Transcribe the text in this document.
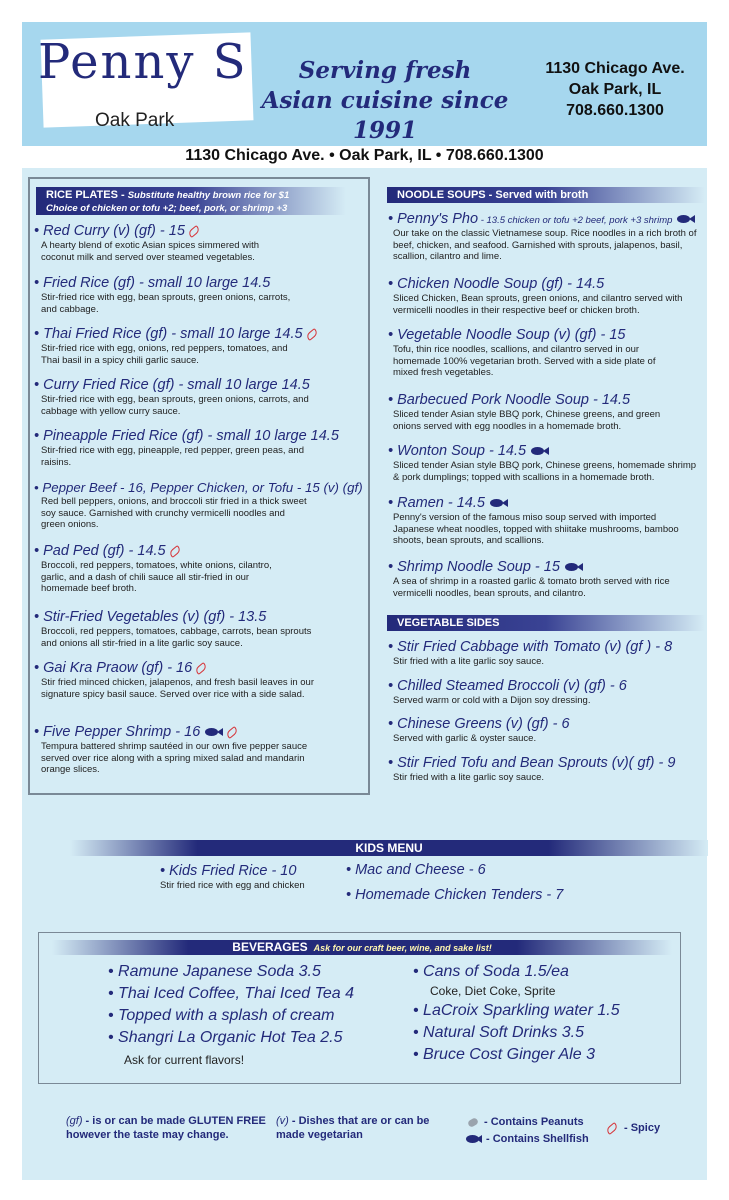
Penny S
Oak Park
Serving fresh
Asian cuisine since 1991
1130 Chicago Ave.
Oak Park, IL
708.660.1300
1130 Chicago Ave. • Oak Park, IL • 708.660.1300
RICE PLATES - Substitute healthy brown rice for $1
Choice of chicken or tofu +2; beef, pork, or shrimp +3
• Red Curry (v) (gf) - 15
A hearty blend of exotic Asian spices simmered with coconut milk and served over steamed vegetables.
• Fried Rice (gf) - small 10 large 14.5
Stir-fried rice with egg, bean sprouts, green onions, carrots, and cabbage.
• Thai Fried Rice (gf) - small 10 large 14.5
Stir-fried rice with egg, onions, red peppers, tomatoes, and Thai basil in a spicy chili garlic sauce.
• Curry Fried Rice (gf) - small 10 large 14.5
Stir-fried rice with egg, bean sprouts, green onions, carrots, and cabbage with yellow curry sauce.
• Pineapple Fried Rice (gf) - small 10 large 14.5
Stir-fried rice with egg, pineapple, red pepper, green peas, and raisins.
• Pepper Beef - 16, Pepper Chicken, or Tofu - 15 (v) (gf)
Red bell peppers, onions, and broccoli stir fried in a thick sweet soy sauce. Garnished with crunchy vermicelli noodles and green onions.
• Pad Ped (gf) - 14.5
Broccoli, red peppers, tomatoes, white onions, cilantro, garlic, and a dash of chili sauce all stir-fried in our homemade beef broth.
• Stir-Fried Vegetables (v) (gf) - 13.5
Broccoli, red peppers, tomatoes, cabbage, carrots, bean sprouts and onions all stir-fried in a lite garlic soy sauce.
• Gai Kra Praow (gf) - 16
Stir fried minced chicken, jalapenos, and fresh basil leaves in our signature spicy basil sauce. Served over rice with a side salad.
• Five Pepper Shrimp - 16
Tempura battered shrimp sautéed in our own five pepper sauce served over rice along with a spring mixed salad and mandarin orange slices.
NOODLE SOUPS - Served with broth
• Penny's Pho - 13.5 chicken or tofu +2 beef, pork +3 shrimp
Our take on the classic Vietnamese soup. Rice noodles in a rich broth of beef, chicken, and seafood. Garnished with sprouts, jalapenos, basil, scallion, cilantro and lime.
• Chicken Noodle Soup (gf) - 14.5
Sliced Chicken, Bean sprouts, green onions, and cilantro served with vermicelli noodles in their respective beef or chicken broth.
• Vegetable Noodle Soup (v) (gf) - 15
Tofu, thin rice noodles, scallions, and cilantro served in our homemade 100% vegetarian broth. Served with a side plate of mixed fresh vegetables.
• Barbecued Pork Noodle Soup - 14.5
Sliced tender Asian style BBQ pork, Chinese greens, and green onions served with egg noodles in a homemade broth.
• Wonton Soup - 14.5
Sliced tender Asian style BBQ pork, Chinese greens, homemade shrimp & pork dumplings; topped with scallions in a homemade broth.
• Ramen - 14.5
Penny's version of the famous miso soup served with imported Japanese wheat noodles, topped with shiitake mushrooms, bamboo shoots, bean sprouts, and scallions.
• Shrimp Noodle Soup - 15
A sea of shrimp in a roasted garlic & tomato broth served with rice vermicelli noodles, bean sprouts, and cilantro.
VEGETABLE SIDES
• Stir Fried Cabbage with Tomato (v) (gf ) - 8
Stir fried with a lite garlic soy sauce.
• Chilled Steamed Broccoli (v) (gf) - 6
Served warm or cold with a Dijon soy dressing.
• Chinese Greens (v) (gf) - 6
Served with garlic & oyster sauce.
• Stir Fried Tofu and Bean Sprouts (v)( gf) - 9
Stir fried with a lite garlic soy sauce.
KIDS MENU
• Kids Fried Rice - 10
Stir fried rice with egg and chicken
• Mac and Cheese - 6
• Homemade Chicken Tenders - 7
BEVERAGES Ask for our craft beer, wine, and sake list!
• Ramune Japanese Soda 3.5
• Thai Iced Coffee, Thai Iced Tea 4
• Topped with a splash of cream
• Shangri La Organic Hot Tea 2.5
Ask for current flavors!
• Cans of Soda 1.5/ea
Coke, Diet Coke, Sprite
• LaCroix Sparkling water 1.5
• Natural Soft Drinks 3.5
• Bruce Cost Ginger Ale 3
(gf) - is or can be made GLUTEN FREE
however the taste may change.
(v) - Dishes that are or can be
made vegetarian
- Contains Peanuts
- Contains Shellfish
- Spicy
